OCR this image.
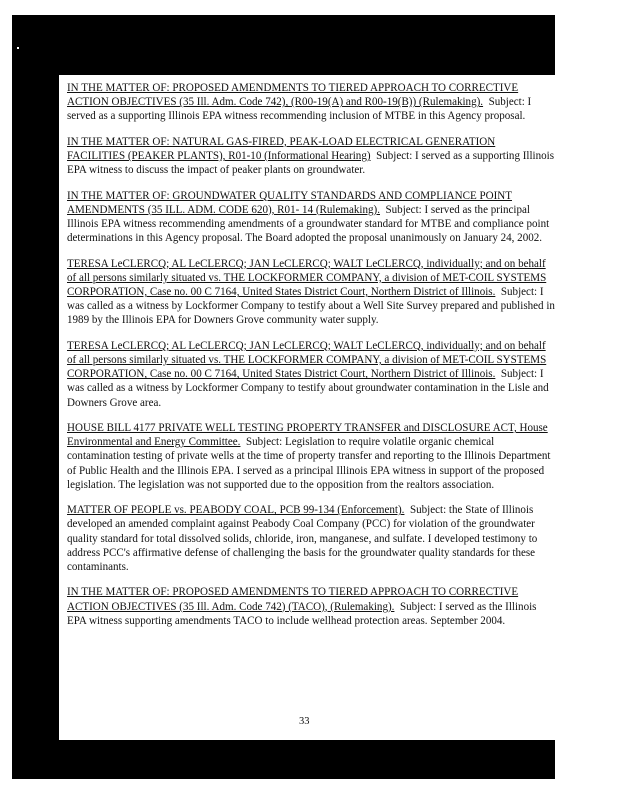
IN THE MATTER OF: PROPOSED AMENDMENTS TO TIERED APPROACH TO CORRECTIVE ACTION OBJECTIVES (35 Ill. Adm. Code 742), (R00-19(A) and R00-19(B)) (Rulemaking). Subject: I served as a supporting Illinois EPA witness recommending inclusion of MTBE in this Agency proposal.

IN THE MATTER OF: NATURAL GAS-FIRED, PEAK-LOAD ELECTRICAL GENERATION FACILITIES (PEAKER PLANTS), R01-10 (Informational Hearing) Subject: I served as a supporting Illinois EPA witness to discuss the impact of peaker plants on groundwater.

IN THE MATTER OF: GROUNDWATER QUALITY STANDARDS AND COMPLIANCE POINT AMENDMENTS (35 ILL. ADM. CODE 620), R01- 14 (Rulemaking). Subject: I served as the principal Illinois EPA witness recommending amendments of a groundwater standard for MTBE and compliance point determinations in this Agency proposal. The Board adopted the proposal unanimously on January 24, 2002.

TERESA LeCLERCQ; AL LeCLERCQ; JAN LeCLERCQ; WALT LeCLERCQ, individually; and on behalf of all persons similarly situated vs. THE LOCKFORMER COMPANY, a division of MET-COIL SYSTEMS CORPORATION, Case no. 00 C 7164, United States District Court, Northern District of Illinois. Subject: I was called as a witness by Lockformer Company to testify about a Well Site Survey prepared and published in 1989 by the Illinois EPA for Downers Grove community water supply.

TERESA LeCLERCQ; AL LeCLERCQ; JAN LeCLERCQ; WALT LeCLERCQ, individually; and on behalf of all persons similarly situated vs. THE LOCKFORMER COMPANY, a division of MET-COIL SYSTEMS CORPORATION, Case no. 00 C 7164, United States District Court, Northern District of Illinois. Subject: I was called as a witness by Lockformer Company to testify about groundwater contamination in the Lisle and Downers Grove area.

HOUSE BILL 4177 PRIVATE WELL TESTING PROPERTY TRANSFER and DISCLOSURE ACT, House Environmental and Energy Committee. Subject: Legislation to require volatile organic chemical contamination testing of private wells at the time of property transfer and reporting to the Illinois Department of Public Health and the Illinois EPA. I served as a principal Illinois EPA witness in support of the proposed legislation. The legislation was not supported due to the opposition from the realtors association.

MATTER OF PEOPLE vs. PEABODY COAL, PCB 99-134 (Enforcement). Subject: the State of Illinois developed an amended complaint against Peabody Coal Company (PCC) for violation of the groundwater quality standard for total dissolved solids, chloride, iron, manganese, and sulfate. I developed testimony to address PCC's affirmative defense of challenging the basis for the groundwater quality standards for these contaminants.

IN THE MATTER OF: PROPOSED AMENDMENTS TO TIERED APPROACH TO CORRECTIVE ACTION OBJECTIVES (35 Ill. Adm. Code 742) (TACO), (Rulemaking). Subject: I served as the Illinois EPA witness supporting amendments TACO to include wellhead protection areas. September 2004.

33
